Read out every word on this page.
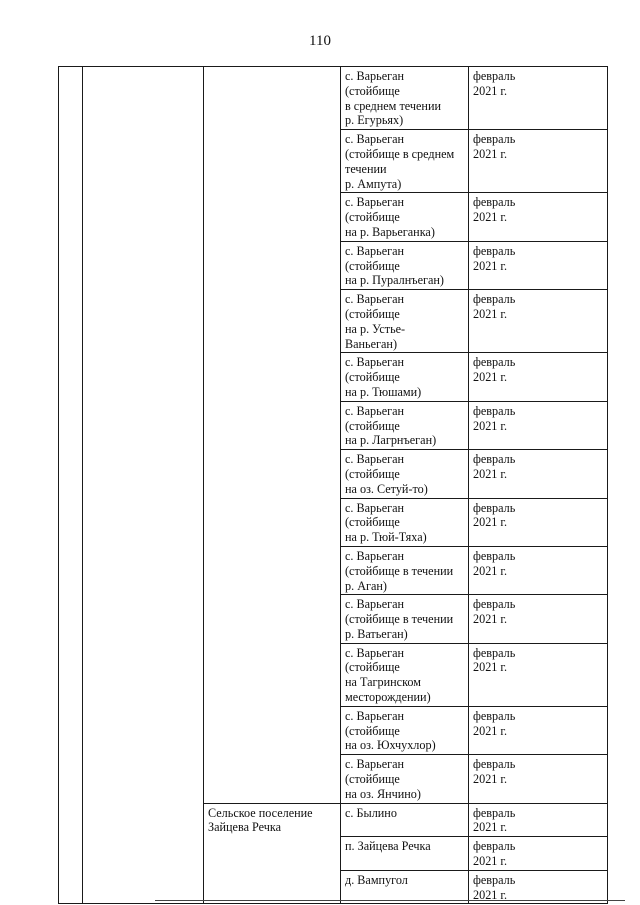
110
			с. Варьеган
(стойбище
в среднем течении
р. Егурьях)	февраль
2021 г.
			с. Варьеган
(стойбище в среднем
течении
р. Ампута)	февраль
2021 г.
			с. Варьеган
(стойбище
на р. Варьеганка)	февраль
2021 г.
			с. Варьеган
(стойбище
на р. Пуралнъеган)	февраль
2021 г.
			с. Варьеган
(стойбище
на р. Устье-
Ваньеган)	февраль
2021 г.
			с. Варьеган
(стойбище
на р. Тюшами)	февраль
2021 г.
			с. Варьеган
(стойбище
на р. Лагрнъеган)	февраль
2021 г.
			с. Варьеган
(стойбище
на оз. Сетуй-то)	февраль
2021 г.
			с. Варьеган
(стойбище
на р. Тюй-Тяха)	февраль
2021 г.
			с. Варьеган
(стойбище в течении
р. Аган)	февраль
2021 г.
			с. Варьеган
(стойбище в течении
р. Ватьеган)	февраль
2021 г.
			с. Варьеган
(стойбище
на Тагринском
месторождении)	февраль
2021 г.
			с. Варьеган
(стойбище
на оз. Юхчухлор)	февраль
2021 г.
			с. Варьеган
(стойбище
на оз. Янчино)	февраль
2021 г.
		Сельское поселение
Зайцева Речка	с. Былино	февраль
2021 г.
			п. Зайцева Речка	февраль
2021 г.
			д. Вампугол	февраль
2021 г.
